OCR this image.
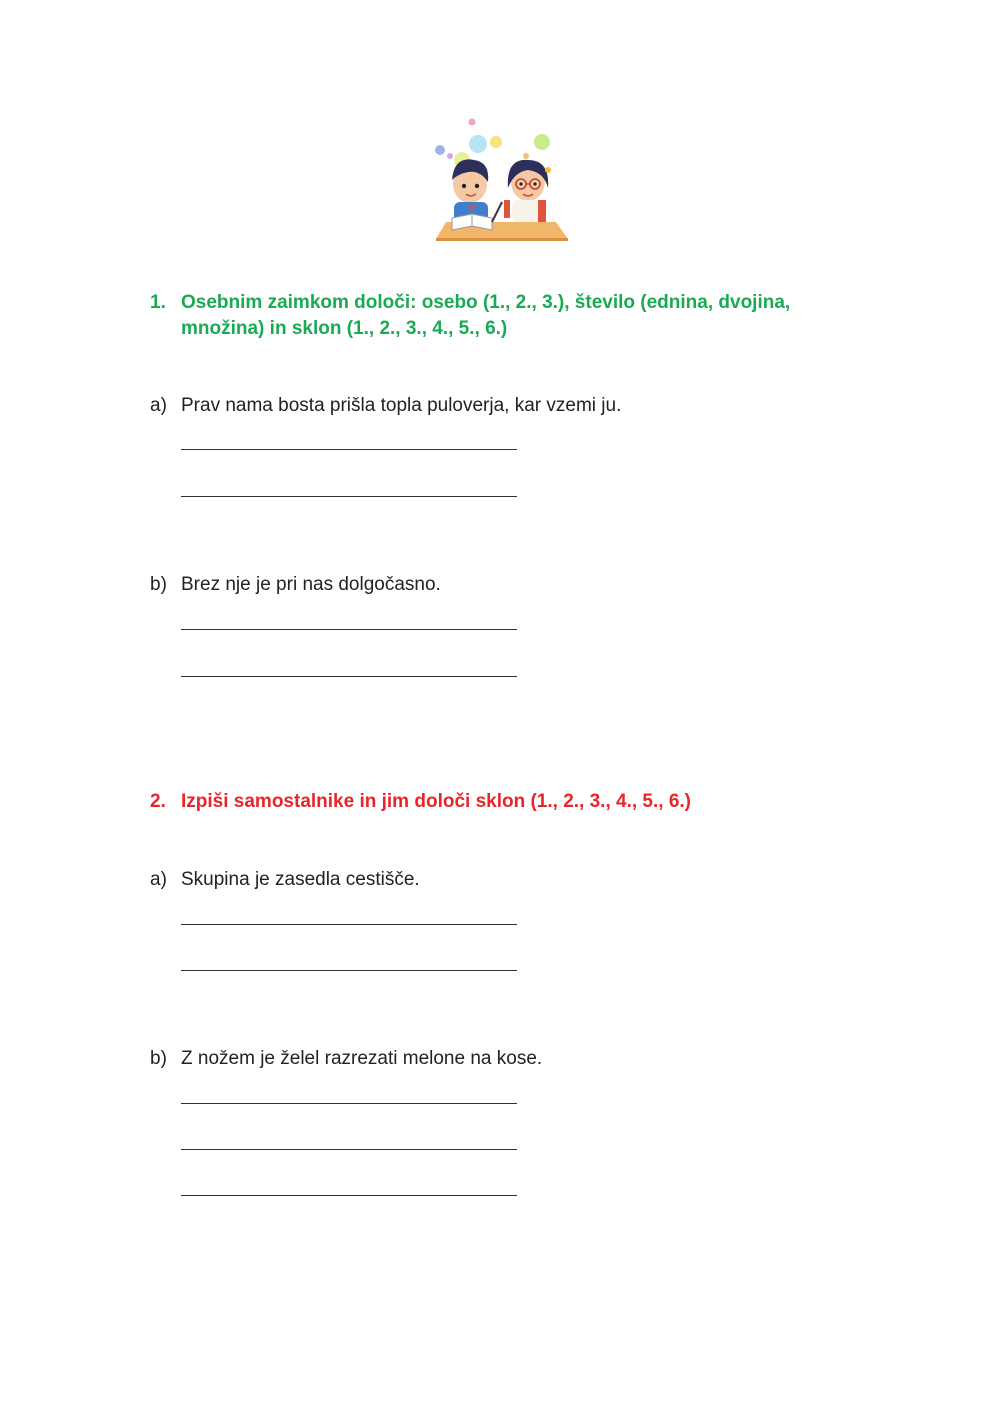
1. Osebnim zaimkom določi: osebo (1., 2., 3.), število (ednina, dvojina, množina) in sklon (1., 2., 3., 4., 5., 6.)
a) Prav nama bosta prišla topla puloverja, kar vzemi ju.
b) Brez nje je pri nas dolgočasno.
2. Izpiši samostalnike in jim določi sklon (1., 2., 3., 4., 5., 6.)
a) Skupina je zasedla cestišče.
b) Z nožem je želel razrezati melone na kose.
